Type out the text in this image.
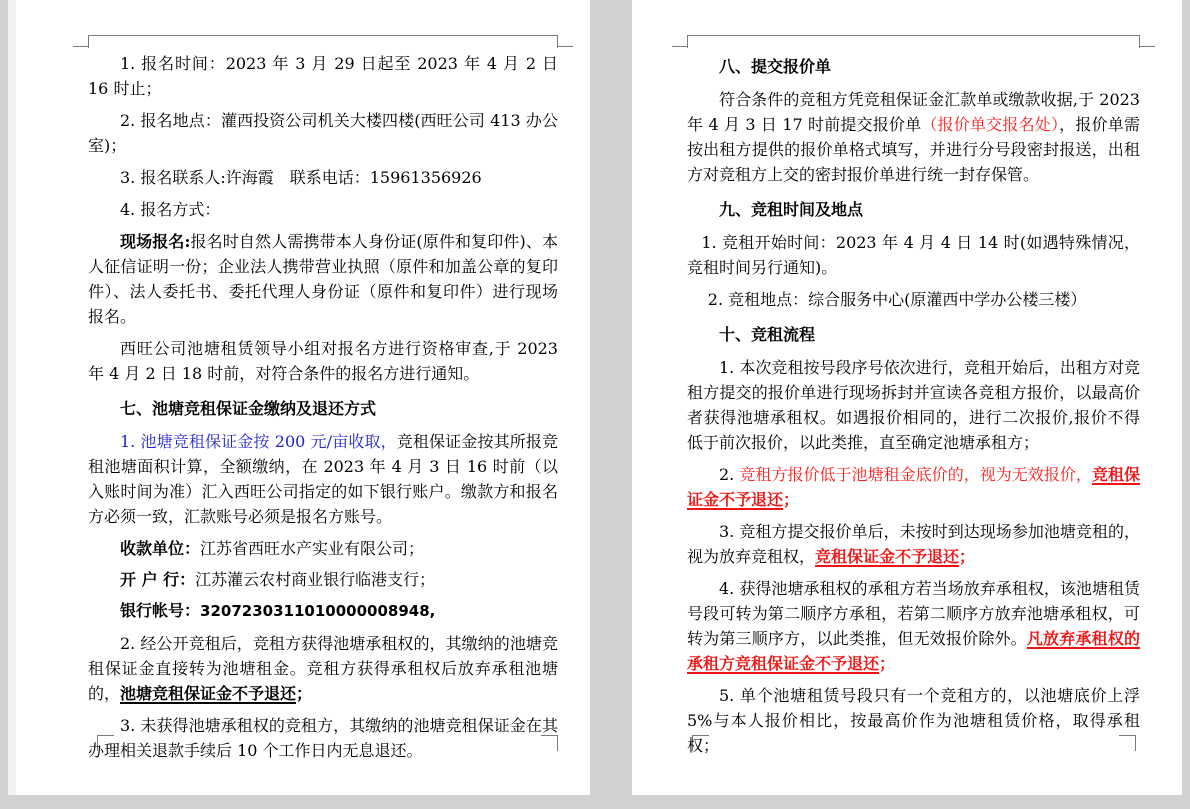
1. 报名时间：2023 年 3 月 29 日起至 2023 年 4 月 2 日 16 时止；

2. 报名地点：灌西投资公司机关大楼四楼(西旺公司 413 办公室)；

3. 报名联系人:许海霞　联系电话：15961356926

4. 报名方式：

现场报名:报名时自然人需携带本人身份证(原件和复印件)、本人征信证明一份；企业法人携带营业执照（原件和加盖公章的复印件）、法人委托书、委托代理人身份证（原件和复印件）进行现场报名。

西旺公司池塘租赁领导小组对报名方进行资格审查,于 2023 年 4 月 2 日 18 时前，对符合条件的报名方进行通知。

七、池塘竞租保证金缴纳及退还方式

1. 池塘竞租保证金按 200 元/亩收取，竞租保证金按其所报竞租池塘面积计算，全额缴纳，在 2023 年 4 月 3 日 16 时前（以入账时间为准）汇入西旺公司指定的如下银行账户。缴款方和报名方必须一致，汇款账号必须是报名方账号。

收款单位：江苏省西旺水产实业有限公司；

开 户 行：江苏灌云农村商业银行临港支行；

银行帐号：3207230311010000008948,

2. 经公开竞租后，竞租方获得池塘承租权的，其缴纳的池塘竞租保证金直接转为池塘租金。竞租方获得承租权后放弃承租池塘的，池塘竞租保证金不予退还；

3. 未获得池塘承租权的竞租方，其缴纳的池塘竞租保证金在其办理相关退款手续后 10 个工作日内无息退还。

八、提交报价单

符合条件的竞租方凭竞租保证金汇款单或缴款收据,于 2023 年 4 月 3 日 17 时前提交报价单（报价单交报名处），报价单需按出租方提供的报价单格式填写，并进行分号段密封报送，出租方对竞租方上交的密封报价单进行统一封存保管。

九、竞租时间及地点

1. 竞租开始时间：2023 年 4 月 4 日 14 时(如遇特殊情况，竞租时间另行通知)。

2. 竞租地点：综合服务中心(原灌西中学办公楼三楼）

十、竞租流程

1. 本次竞租按号段序号依次进行，竞租开始后，出租方对竞租方提交的报价单进行现场拆封并宣读各竞租方报价，以最高价者获得池塘承租权。如遇报价相同的，进行二次报价,报价不得低于前次报价，以此类推，直至确定池塘承租方；

2. 竞租方报价低于池塘租金底价的，视为无效报价，竞租保证金不予退还；

3. 竞租方提交报价单后，未按时到达现场参加池塘竞租的，视为放弃竞租权，竞租保证金不予退还；

4. 获得池塘承租权的承租方若当场放弃承租权，该池塘租赁号段可转为第二顺序方承租，若第二顺序方放弃池塘承租权，可转为第三顺序方，以此类推，但无效报价除外。凡放弃承租权的承租方竞租保证金不予退还；

5. 单个池塘租赁号段只有一个竞租方的，以池塘底价上浮5%与本人报价相比，按最高价作为池塘租赁价格，取得承租权；
